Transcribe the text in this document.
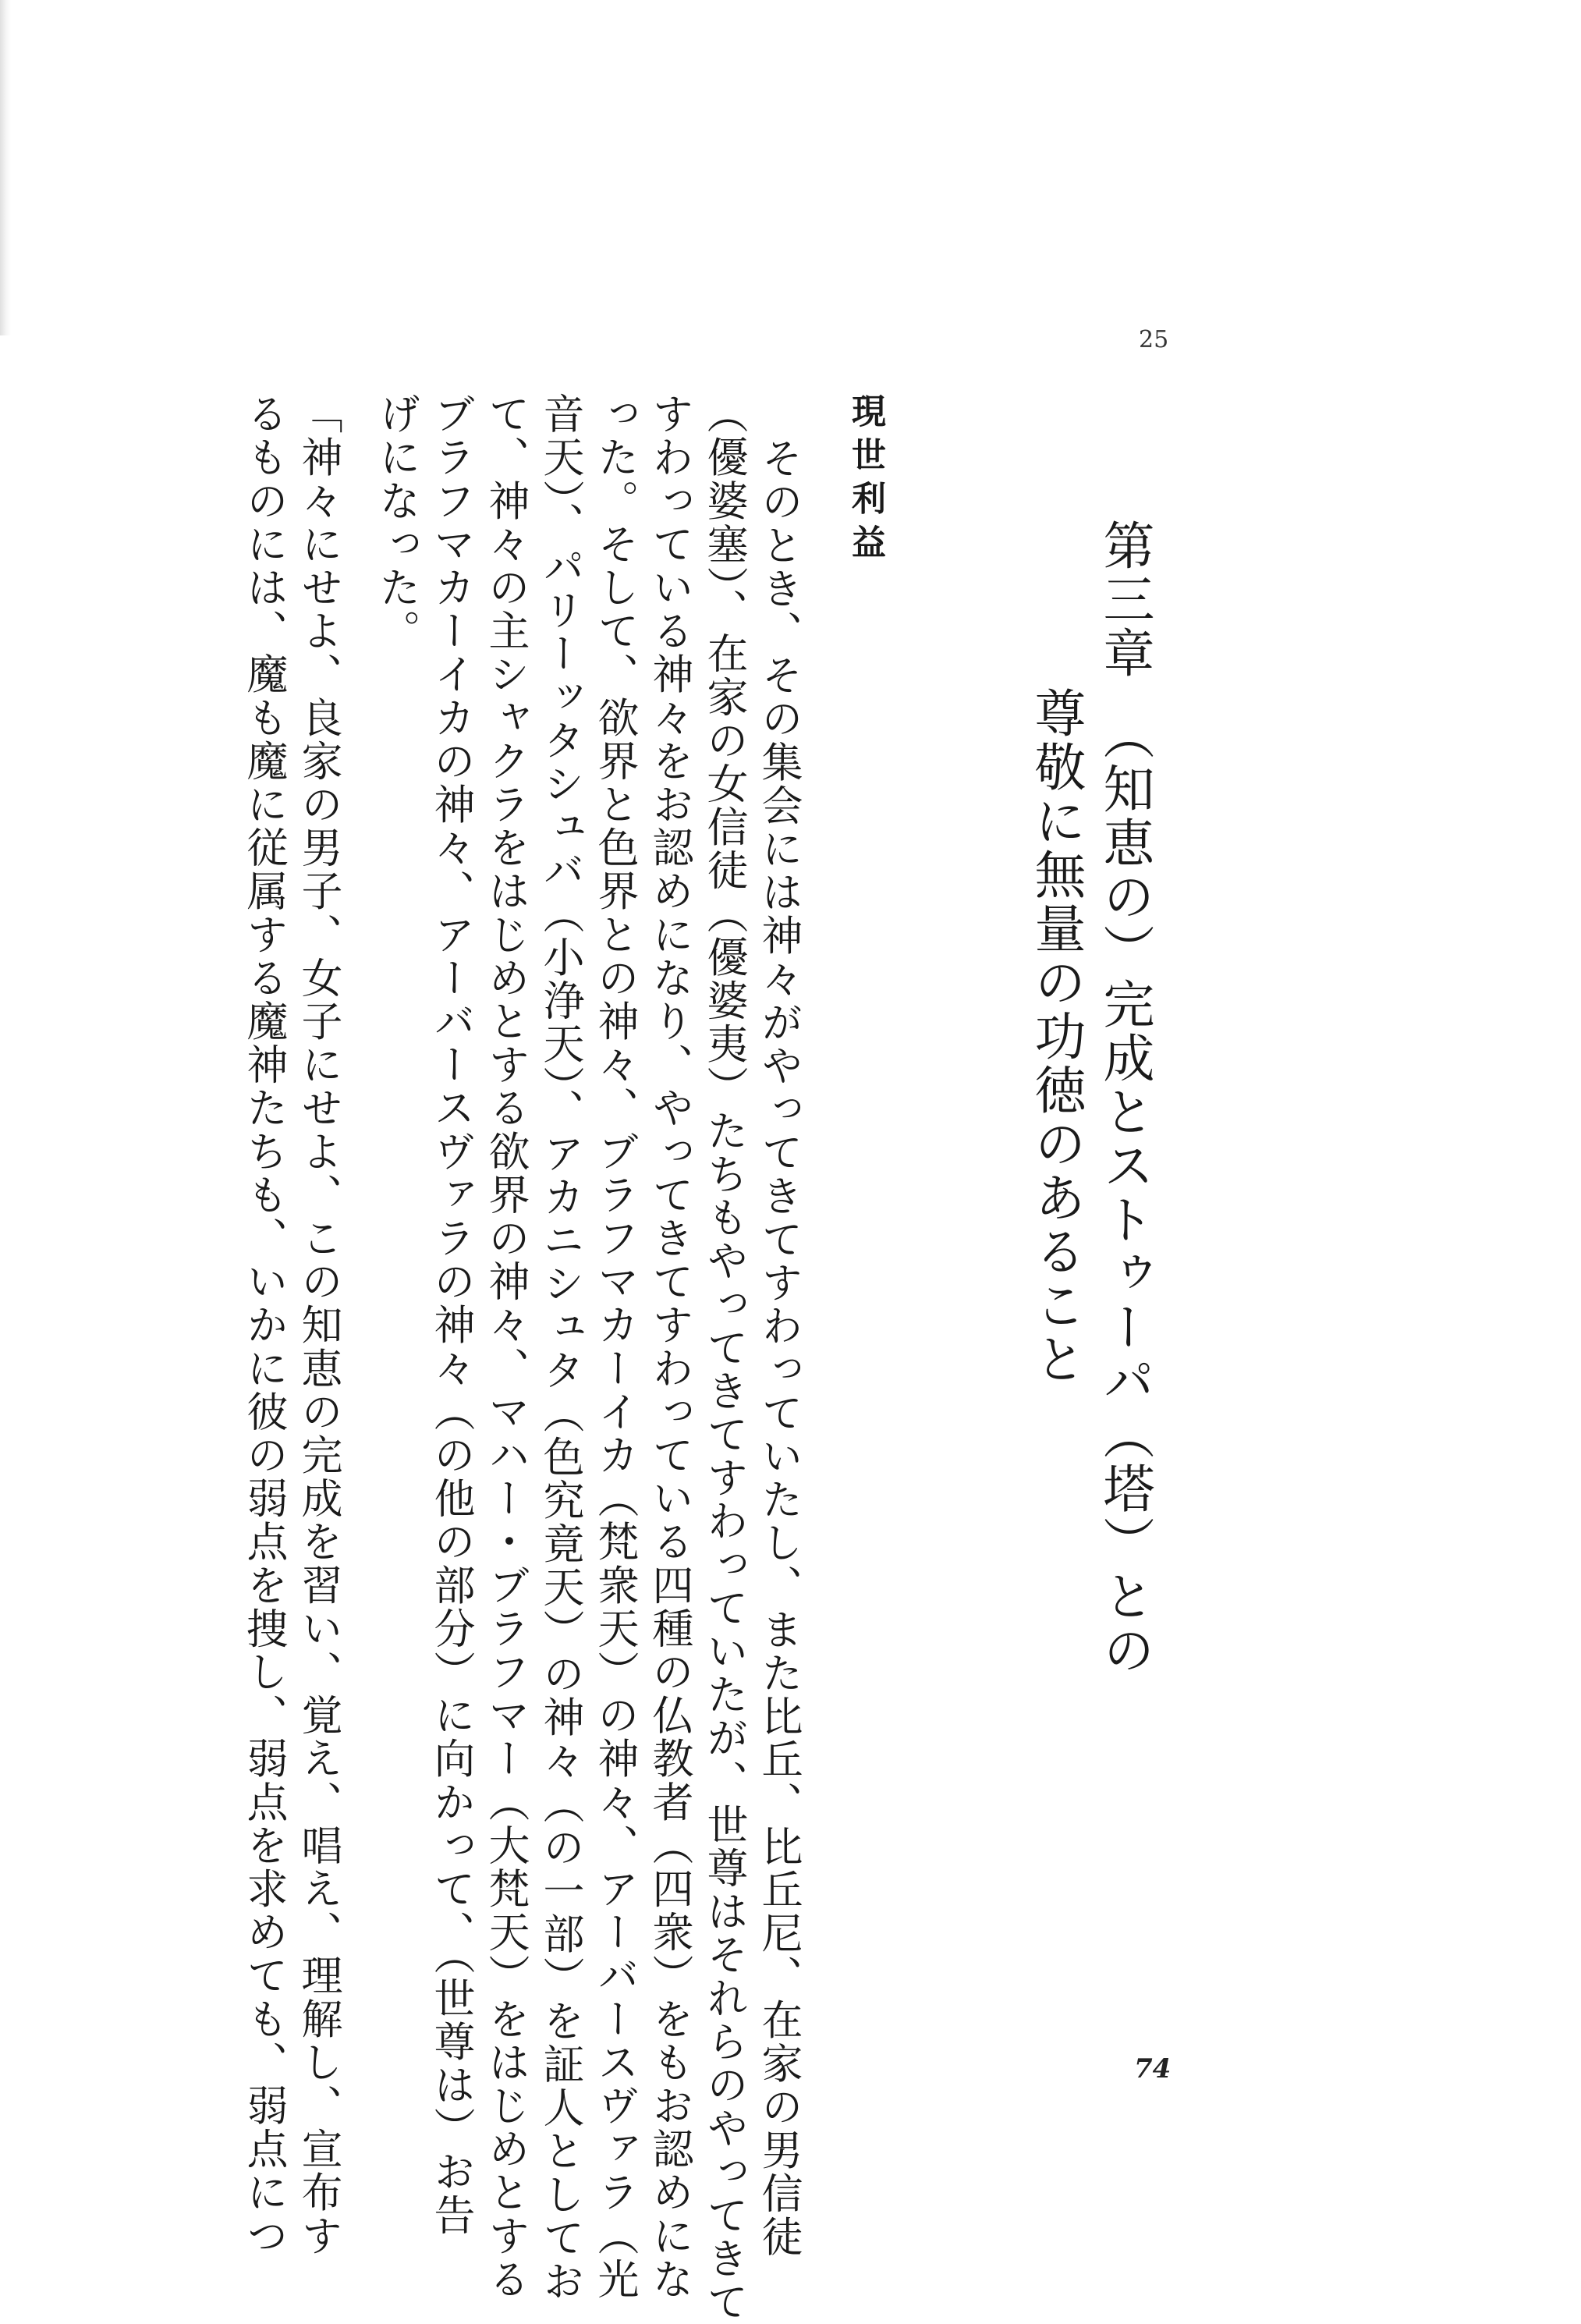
25
第三章　（知恵の）完成とストゥーパ（塔）との
尊敬に無量の功徳のあること
現世利益
そのとき、その集会には神々がやってきてすわっていたし、また比丘、比丘尼、在家の男信徒
（優婆塞）、在家の女信徒（優婆夷）たちもやってきてすわっていたが、世尊はそれらのやってきて
すわっている神々をお認めになり、やってきてすわっている四種の仏教者（四衆）をもお認めにな
った。そして、欲界と色界との神々、ブラフマカーイカ（梵衆天）の神々、アーバースヴァラ（光
音天）、パリーッタシュバ（小浄天）、アカニシュタ（色究竟天）の神々（の一部）を証人としてお
て、神々の主シャクラをはじめとする欲界の神々、マハー・ブラフマー（大梵天）をはじめとする
ブラフマカーイカの神々、アーバースヴァラの神々（の他の部分）に向かって、（世尊は）お告
げになった。
「神々にせよ、良家の男子、女子にせよ、この知恵の完成を習い、覚え、唱え、理解し、宣布す
るものには、魔も魔に従属する魔神たちも、いかに彼の弱点を捜し、弱点を求めても、弱点につ	74
